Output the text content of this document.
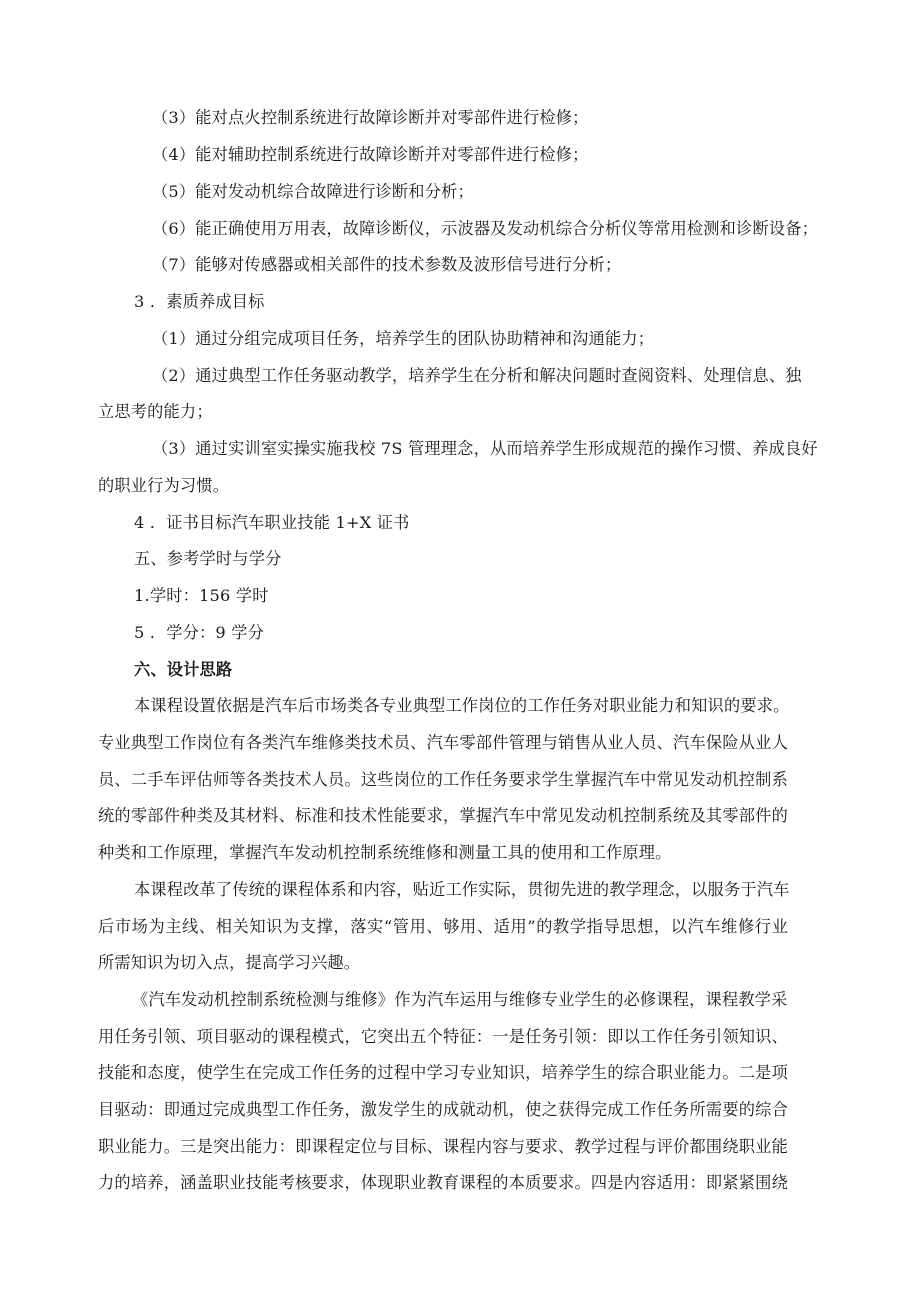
（3）能对点火控制系统进行故障诊断并对零部件进行检修；
（4）能对辅助控制系统进行故障诊断并对零部件进行检修；
（5）能对发动机综合故障进行诊断和分析；
（6）能正确使用万用表，故障诊断仪，示波器及发动机综合分析仪等常用检测和诊断设备；
（7）能够对传感器或相关部件的技术参数及波形信号进行分析；
3 ．素质养成目标
（1）通过分组完成项目任务，培养学生的团队协助精神和沟通能力；
（2）通过典型工作任务驱动教学，培养学生在分析和解决问题时查阅资料、处理信息、独
立思考的能力；
（3）通过实训室实操实施我校 7S 管理理念，从而培养学生形成规范的操作习惯、养成良好
的职业行为习惯。
4 ．证书目标汽车职业技能 1+X 证书
五、参考学时与学分
1.学时：156 学时
5 ．学分：9 学分
六、设计思路
本课程设置依据是汽车后市场类各专业典型工作岗位的工作任务对职业能力和知识的要求。
专业典型工作岗位有各类汽车维修类技术员、汽车零部件管理与销售从业人员、汽车保险从业人
员、二手车评估师等各类技术人员。这些岗位的工作任务要求学生掌握汽车中常见发动机控制系
统的零部件种类及其材料、标准和技术性能要求，掌握汽车中常见发动机控制系统及其零部件的
种类和工作原理，掌握汽车发动机控制系统维修和测量工具的使用和工作原理。
本课程改革了传统的课程体系和内容，贴近工作实际，贯彻先进的教学理念，以服务于汽车
后市场为主线、相关知识为支撑，落实“管用、够用、适用”的教学指导思想，以汽车维修行业
所需知识为切入点，提高学习兴趣。
《汽车发动机控制系统检测与维修》作为汽车运用与维修专业学生的必修课程，课程教学采
用任务引领、项目驱动的课程模式，它突出五个特征：一是任务引领：即以工作任务引领知识、
技能和态度，使学生在完成工作任务的过程中学习专业知识，培养学生的综合职业能力。二是项
目驱动：即通过完成典型工作任务，激发学生的成就动机，使之获得完成工作任务所需要的综合
职业能力。三是突出能力：即课程定位与目标、课程内容与要求、教学过程与评价都围绕职业能
力的培养，涵盖职业技能考核要求，体现职业教育课程的本质要求。四是内容适用：即紧紧围绕
